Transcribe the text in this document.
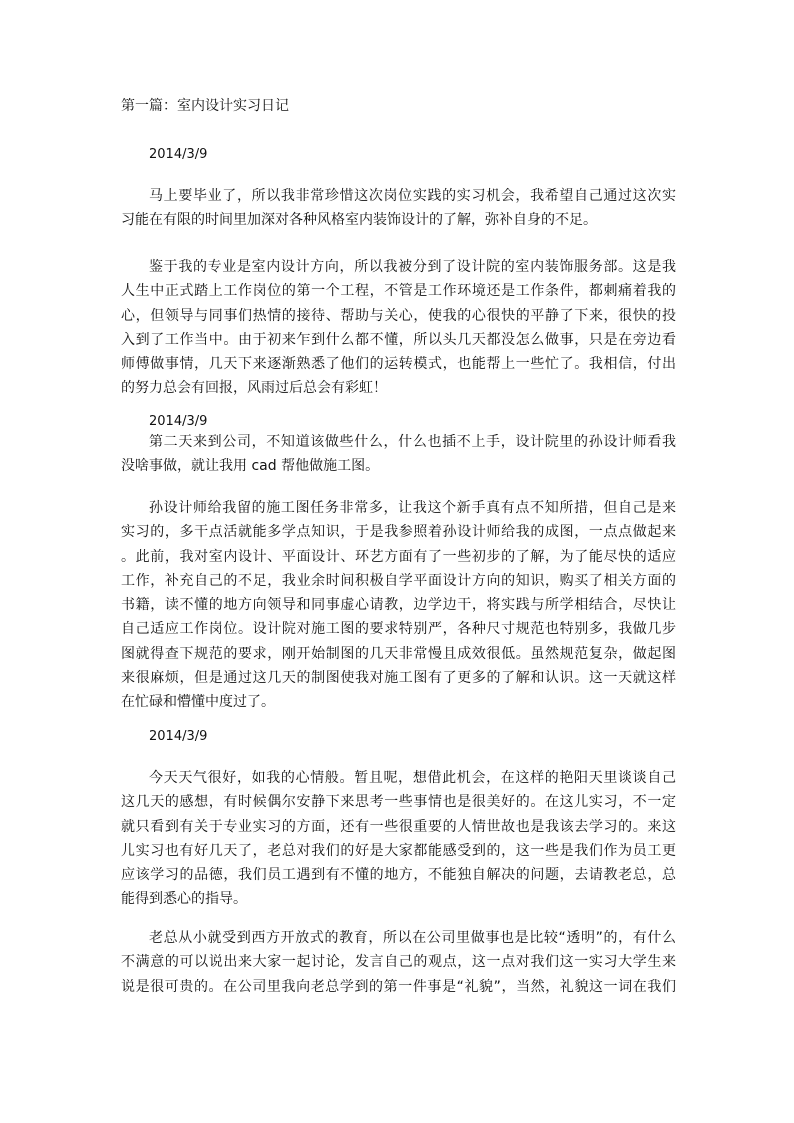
第一篇：室内设计实习日记
2014/3/9
马上要毕业了，所以我非常珍惜这次岗位实践的实习机会，我希望自己通过这次实
习能在有限的时间里加深对各种风格室内装饰设计的了解，弥补自身的不足。
鉴于我的专业是室内设计方向，所以我被分到了设计院的室内装饰服务部。这是我
人生中正式踏上工作岗位的第一个工程，不管是工作环境还是工作条件，都刺痛着我的
心，但领导与同事们热情的接待、帮助与关心，使我的心很快的平静了下来，很快的投
入到了工作当中。由于初来乍到什么都不懂，所以头几天都没怎么做事，只是在旁边看
师傅做事情，几天下来逐渐熟悉了他们的运转模式，也能帮上一些忙了。我相信，付出
的努力总会有回报，风雨过后总会有彩虹！
2014/3/9
第二天来到公司，不知道该做些什么，什么也插不上手，设计院里的孙设计师看我
没啥事做，就让我用 cad 帮他做施工图。
孙设计师给我留的施工图任务非常多，让我这个新手真有点不知所措，但自己是来
实习的，多干点活就能多学点知识，于是我参照着孙设计师给我的成图，一点点做起来
。此前，我对室内设计、平面设计、环艺方面有了一些初步的了解，为了能尽快的适应
工作，补充自己的不足，我业余时间积极自学平面设计方向的知识，购买了相关方面的
书籍，读不懂的地方向领导和同事虚心请教，边学边干，将实践与所学相结合，尽快让
自己适应工作岗位。设计院对施工图的要求特别严，各种尺寸规范也特别多，我做几步
图就得查下规范的要求，刚开始制图的几天非常慢且成效很低。虽然规范复杂，做起图
来很麻烦，但是通过这几天的制图使我对施工图有了更多的了解和认识。这一天就这样
在忙碌和懵懂中度过了。
2014/3/9
今天天气很好，如我的心情般。暂且呢，想借此机会，在这样的艳阳天里谈谈自己
这几天的感想，有时候偶尔安静下来思考一些事情也是很美好的。在这儿实习，不一定
就只看到有关于专业实习的方面，还有一些很重要的人情世故也是我该去学习的。来这
儿实习也有好几天了，老总对我们的好是大家都能感受到的，这一些是我们作为员工更
应该学习的品德，我们员工遇到有不懂的地方，不能独自解决的问题，去请教老总，总
能得到悉心的指导。
老总从小就受到西方开放式的教育，所以在公司里做事也是比较“透明”的，有什么
不满意的可以说出来大家一起讨论，发言自己的观点，这一点对我们这一实习大学生来
说是很可贵的。在公司里我向老总学到的第一件事是“礼貌”，当然，礼貌这一词在我们
